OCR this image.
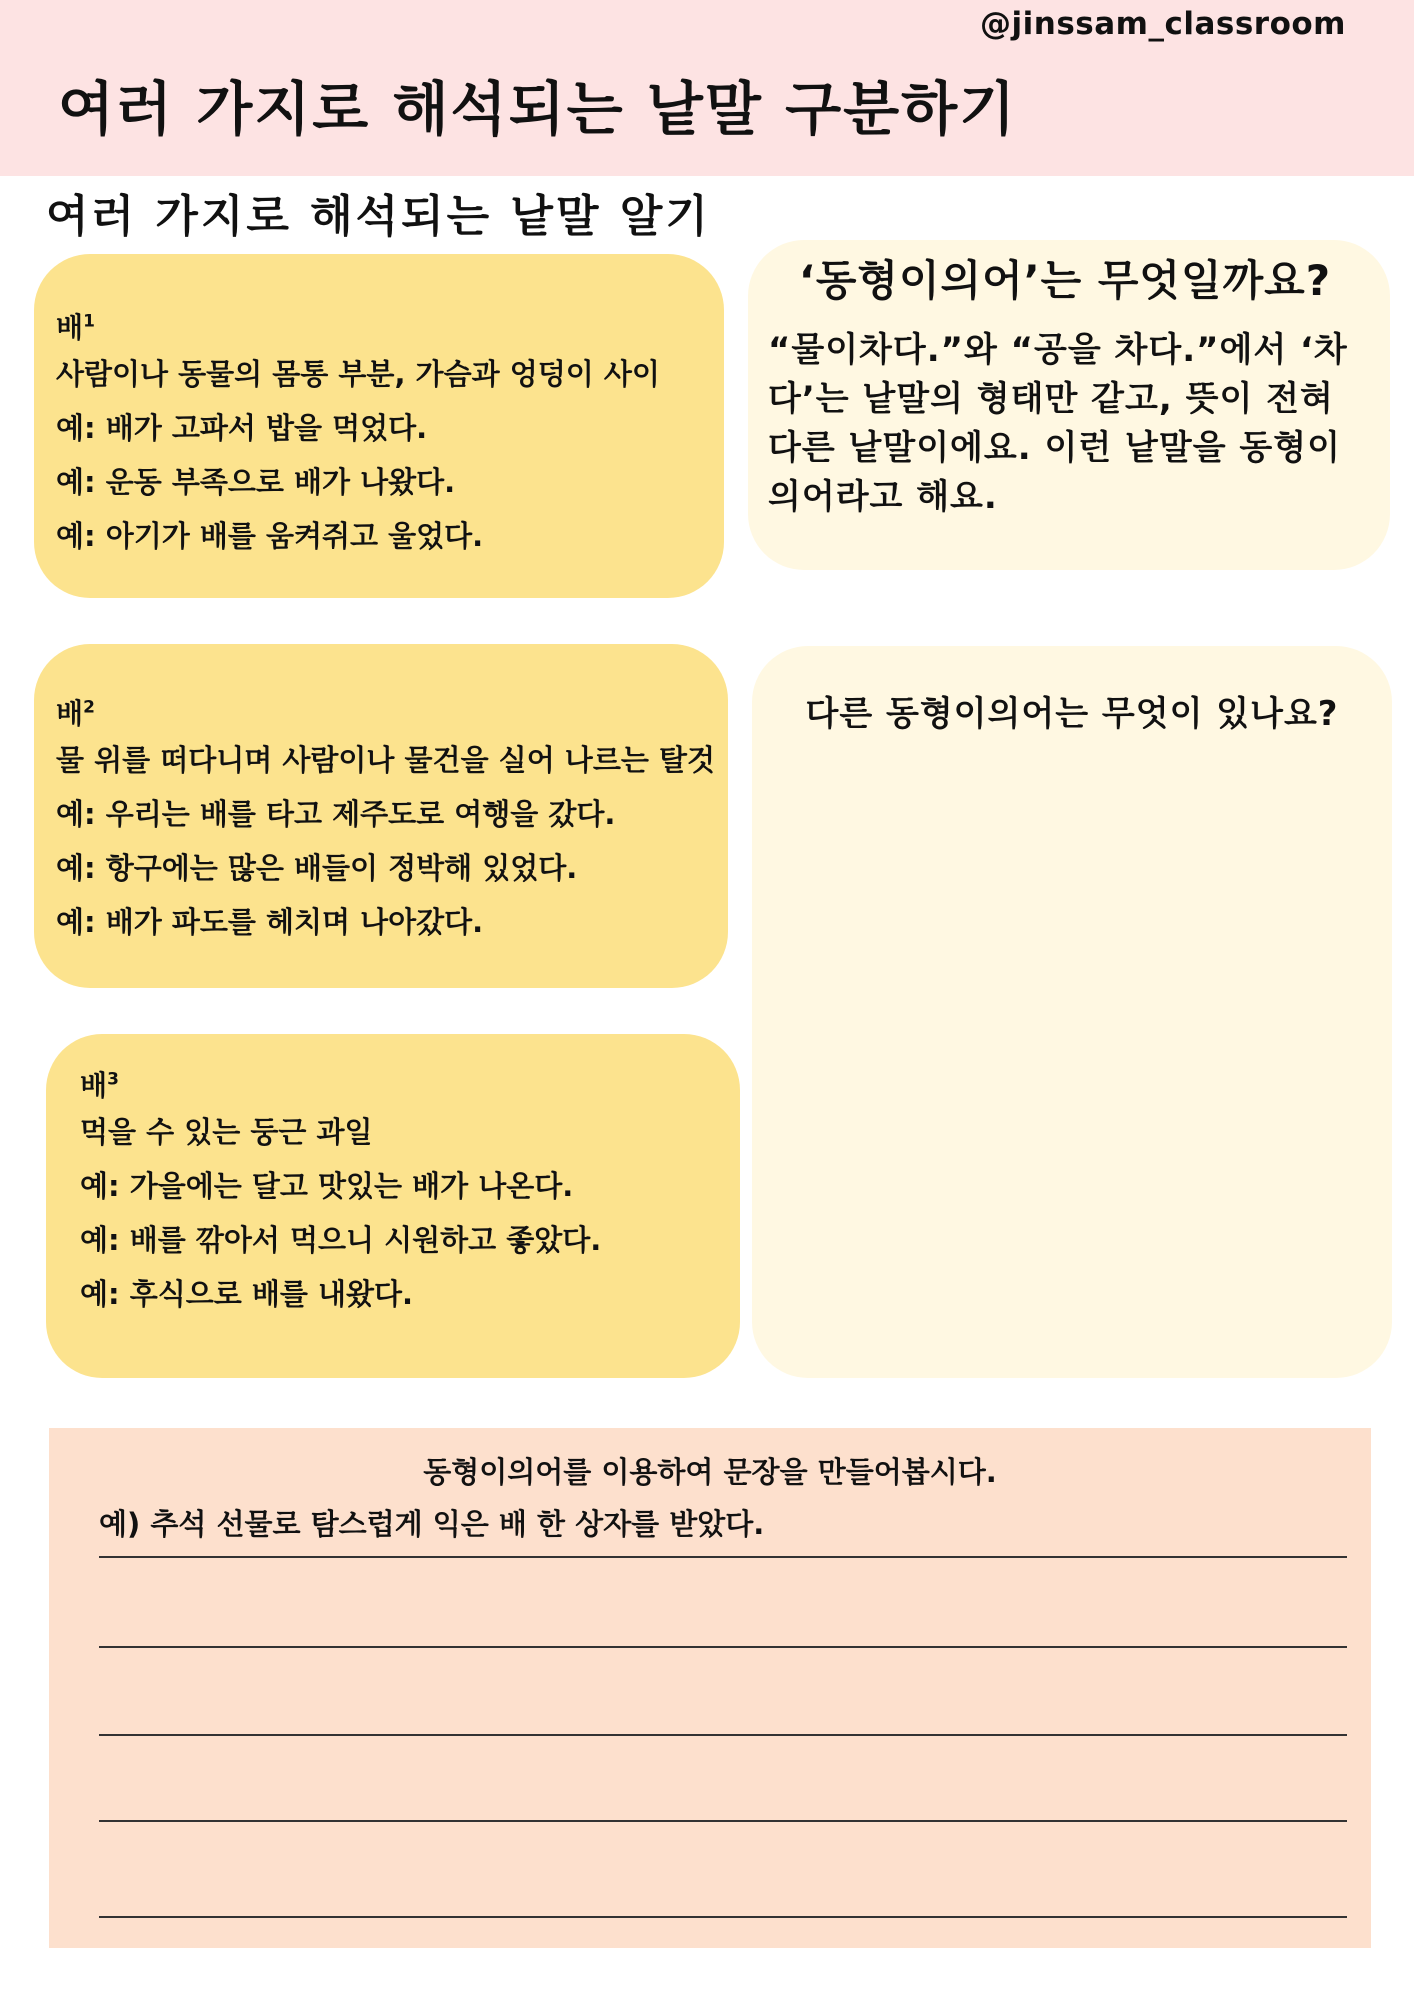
@jinssam_classroom
여러 가지로 해석되는 낱말 구분하기
여러 가지로 해석되는 낱말 알기
배$^1$
사람이나 동물의 몸통 부분, 가슴과 엉덩이 사이
예: 배가 고파서 밥을 먹었다.
예: 운동 부족으로 배가 나왔다.
예: 아기가 배를 움켜쥐고 울었다.
배$^2$
물 위를 떠다니며 사람이나 물건을 실어 나르는 탈것
예: 우리는 배를 타고 제주도로 여행을 갔다.
예: 항구에는 많은 배들이 정박해 있었다.
예: 배가 파도를 헤치며 나아갔다.
배$^3$
먹을 수 있는 둥근 과일
예: 가을에는 달고 맛있는 배가 나온다.
예: 배를 깎아서 먹으니 시원하고 좋았다.
예: 후식으로 배를 내왔다.
‘동형이의어’는 무엇일까요?
“물이차다.”와 “공을 차다.”에서 ‘차다’는 낱말의 형태만 같고, 뜻이 전혀 다른 낱말이에요. 이런 낱말을 동형이의어라고 해요.
다른 동형이의어는 무엇이 있나요?
동형이의어를 이용하여 문장을 만들어봅시다.
예) 추석 선물로 탐스럽게 익은 배 한 상자를 받았다.
